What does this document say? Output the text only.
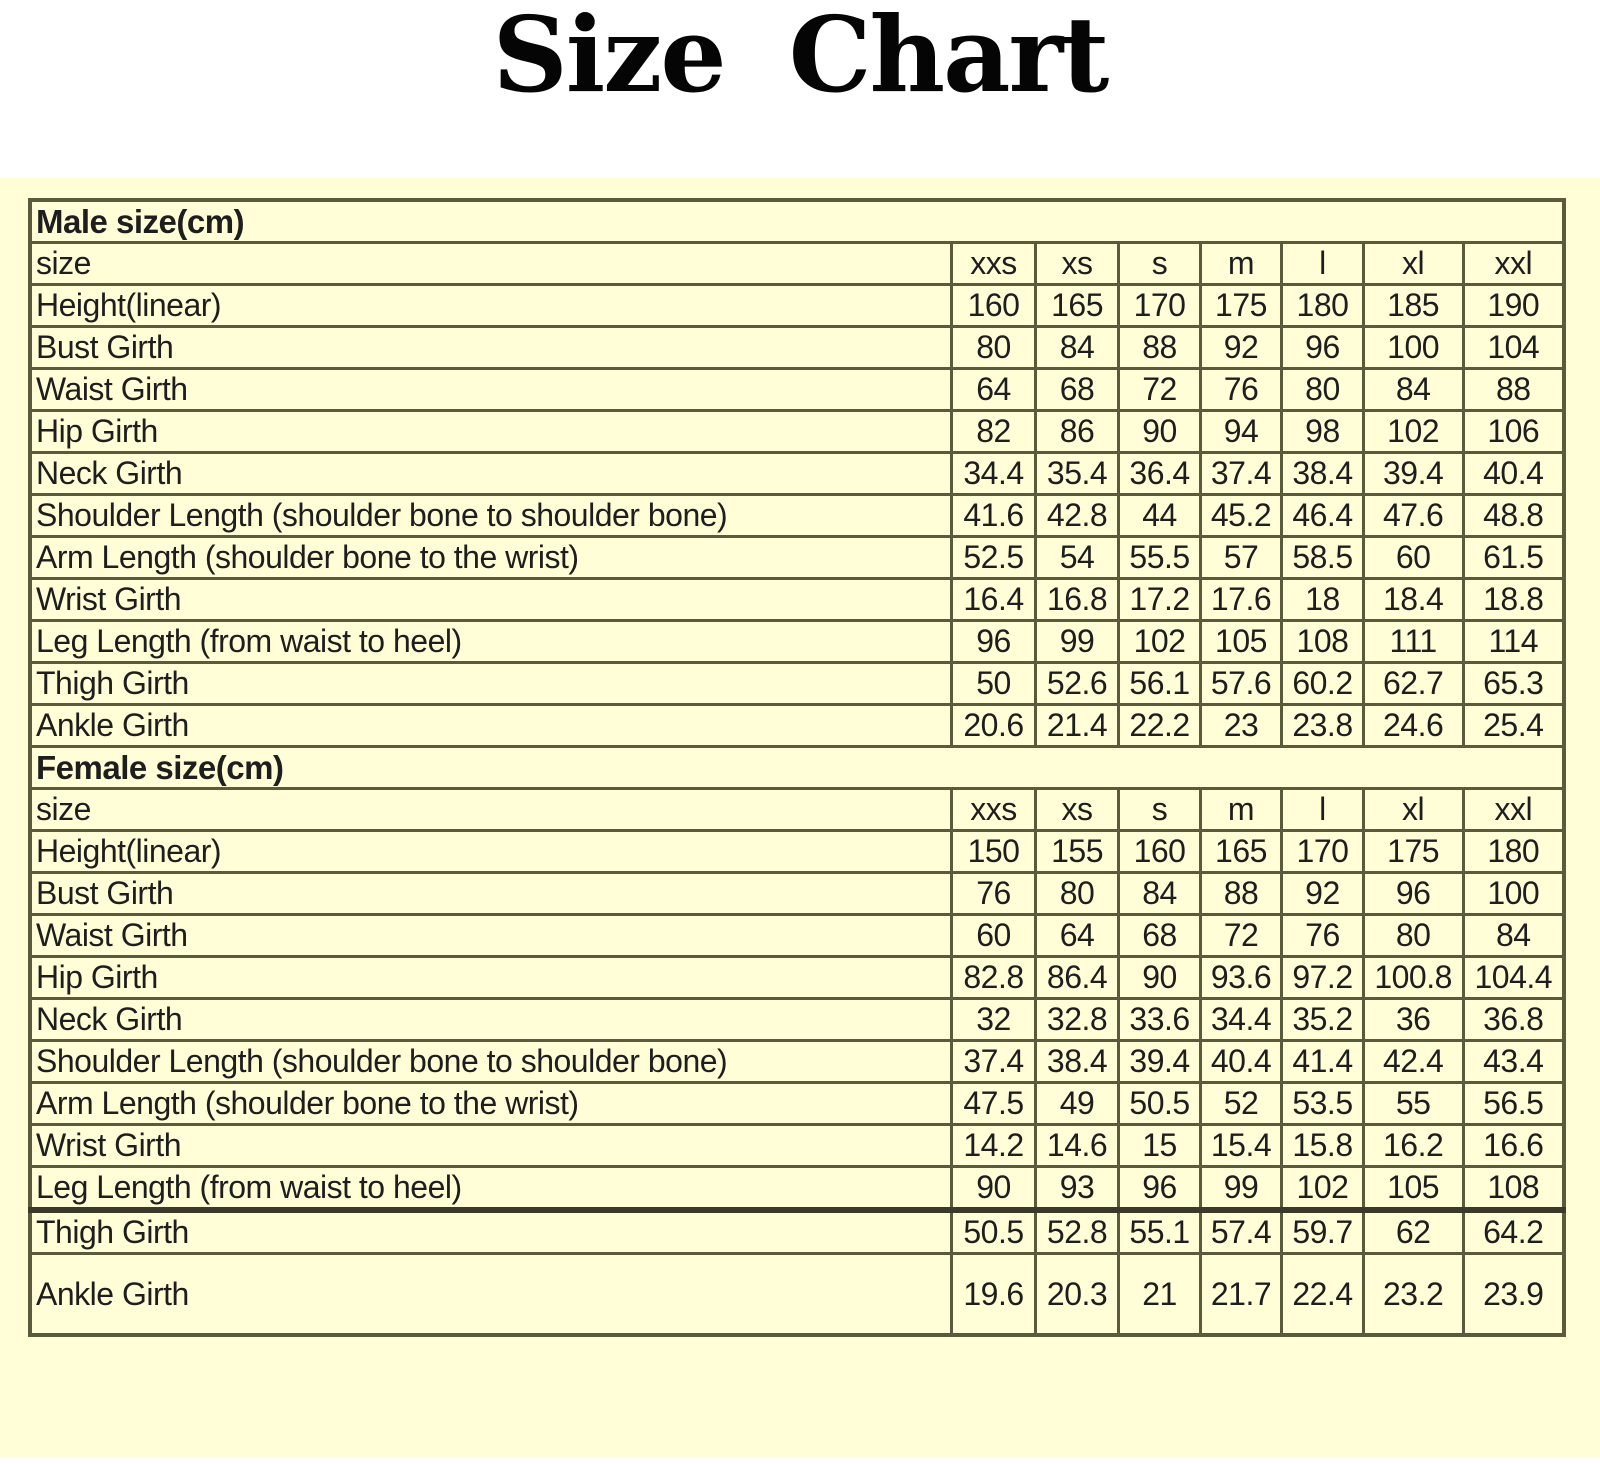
Size Chart
Male size(cm)							
size	xxs	xs	s	m	l	xl	xxl
Height(linear)	160	165	170	175	180	185	190
Bust Girth	80	84	88	92	96	100	104
Waist Girth	64	68	72	76	80	84	88
Hip Girth	82	86	90	94	98	102	106
Neck Girth	34.4	35.4	36.4	37.4	38.4	39.4	40.4
Shoulder Length (shoulder bone to shoulder bone)	41.6	42.8	44	45.2	46.4	47.6	48.8
Arm Length (shoulder bone to the wrist)	52.5	54	55.5	57	58.5	60	61.5
Wrist Girth	16.4	16.8	17.2	17.6	18	18.4	18.8
Leg Length (from waist to heel)	96	99	102	105	108	111	114
Thigh Girth	50	52.6	56.1	57.6	60.2	62.7	65.3
Ankle Girth	20.6	21.4	22.2	23	23.8	24.6	25.4
Female size(cm)							
size	xxs	xs	s	m	l	xl	xxl
Height(linear)	150	155	160	165	170	175	180
Bust Girth	76	80	84	88	92	96	100
Waist Girth	60	64	68	72	76	80	84
Hip Girth	82.8	86.4	90	93.6	97.2	100.8	104.4
Neck Girth	32	32.8	33.6	34.4	35.2	36	36.8
Shoulder Length (shoulder bone to shoulder bone)	37.4	38.4	39.4	40.4	41.4	42.4	43.4
Arm Length (shoulder bone to the wrist)	47.5	49	50.5	52	53.5	55	56.5
Wrist Girth	14.2	14.6	15	15.4	15.8	16.2	16.6
Leg Length (from waist to heel)	90	93	96	99	102	105	108
Thigh Girth	50.5	52.8	55.1	57.4	59.7	62	64.2
Ankle Girth	19.6	20.3	21	21.7	22.4	23.2	23.9
